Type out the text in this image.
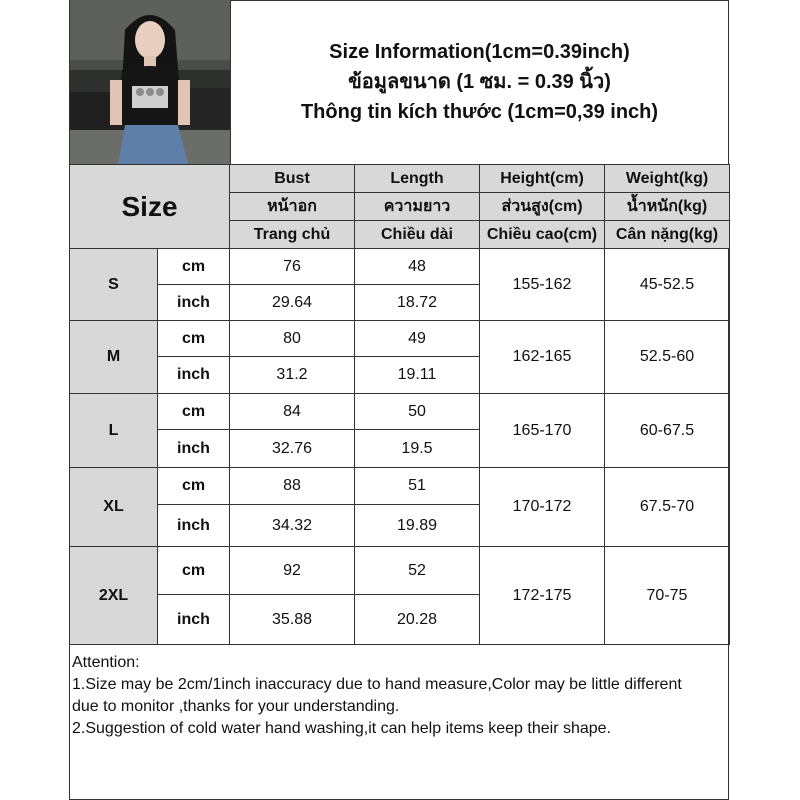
Size Information(1cm=0.39inch)
ข้อมูลขนาด (1 ซม. = 0.39 นิ้ว)
Thông tin kích thước (1cm=0,39 inch)
Size		Bust	Length	Height(cm)	Weight(kg)
		หน้าอก	ความยาว	ส่วนสูง(cm)	น้ำหนัก(kg)
		Trang chủ	Chiều dài	Chiều cao(cm)	Cân nặng(kg)
S	cm	76	48	155-162	45-52.5
	inch	29.64	18.72		
M	cm	80	49	162-165	52.5-60
	inch	31.2	19.11		
L	cm	84	50	165-170	60-67.5
	inch	32.76	19.5		
XL	cm	88	51	170-172	67.5-70
	inch	34.32	19.89		
2XL	cm	92	52	172-175	70-75
	inch	35.88	20.28		

Attention:

1.Size may be 2cm/1inch inaccuracy due to hand measure,Color may be little different

due to monitor ,thanks for your understanding.

2.Suggestion of cold water hand washing,it can help items keep their shape.
